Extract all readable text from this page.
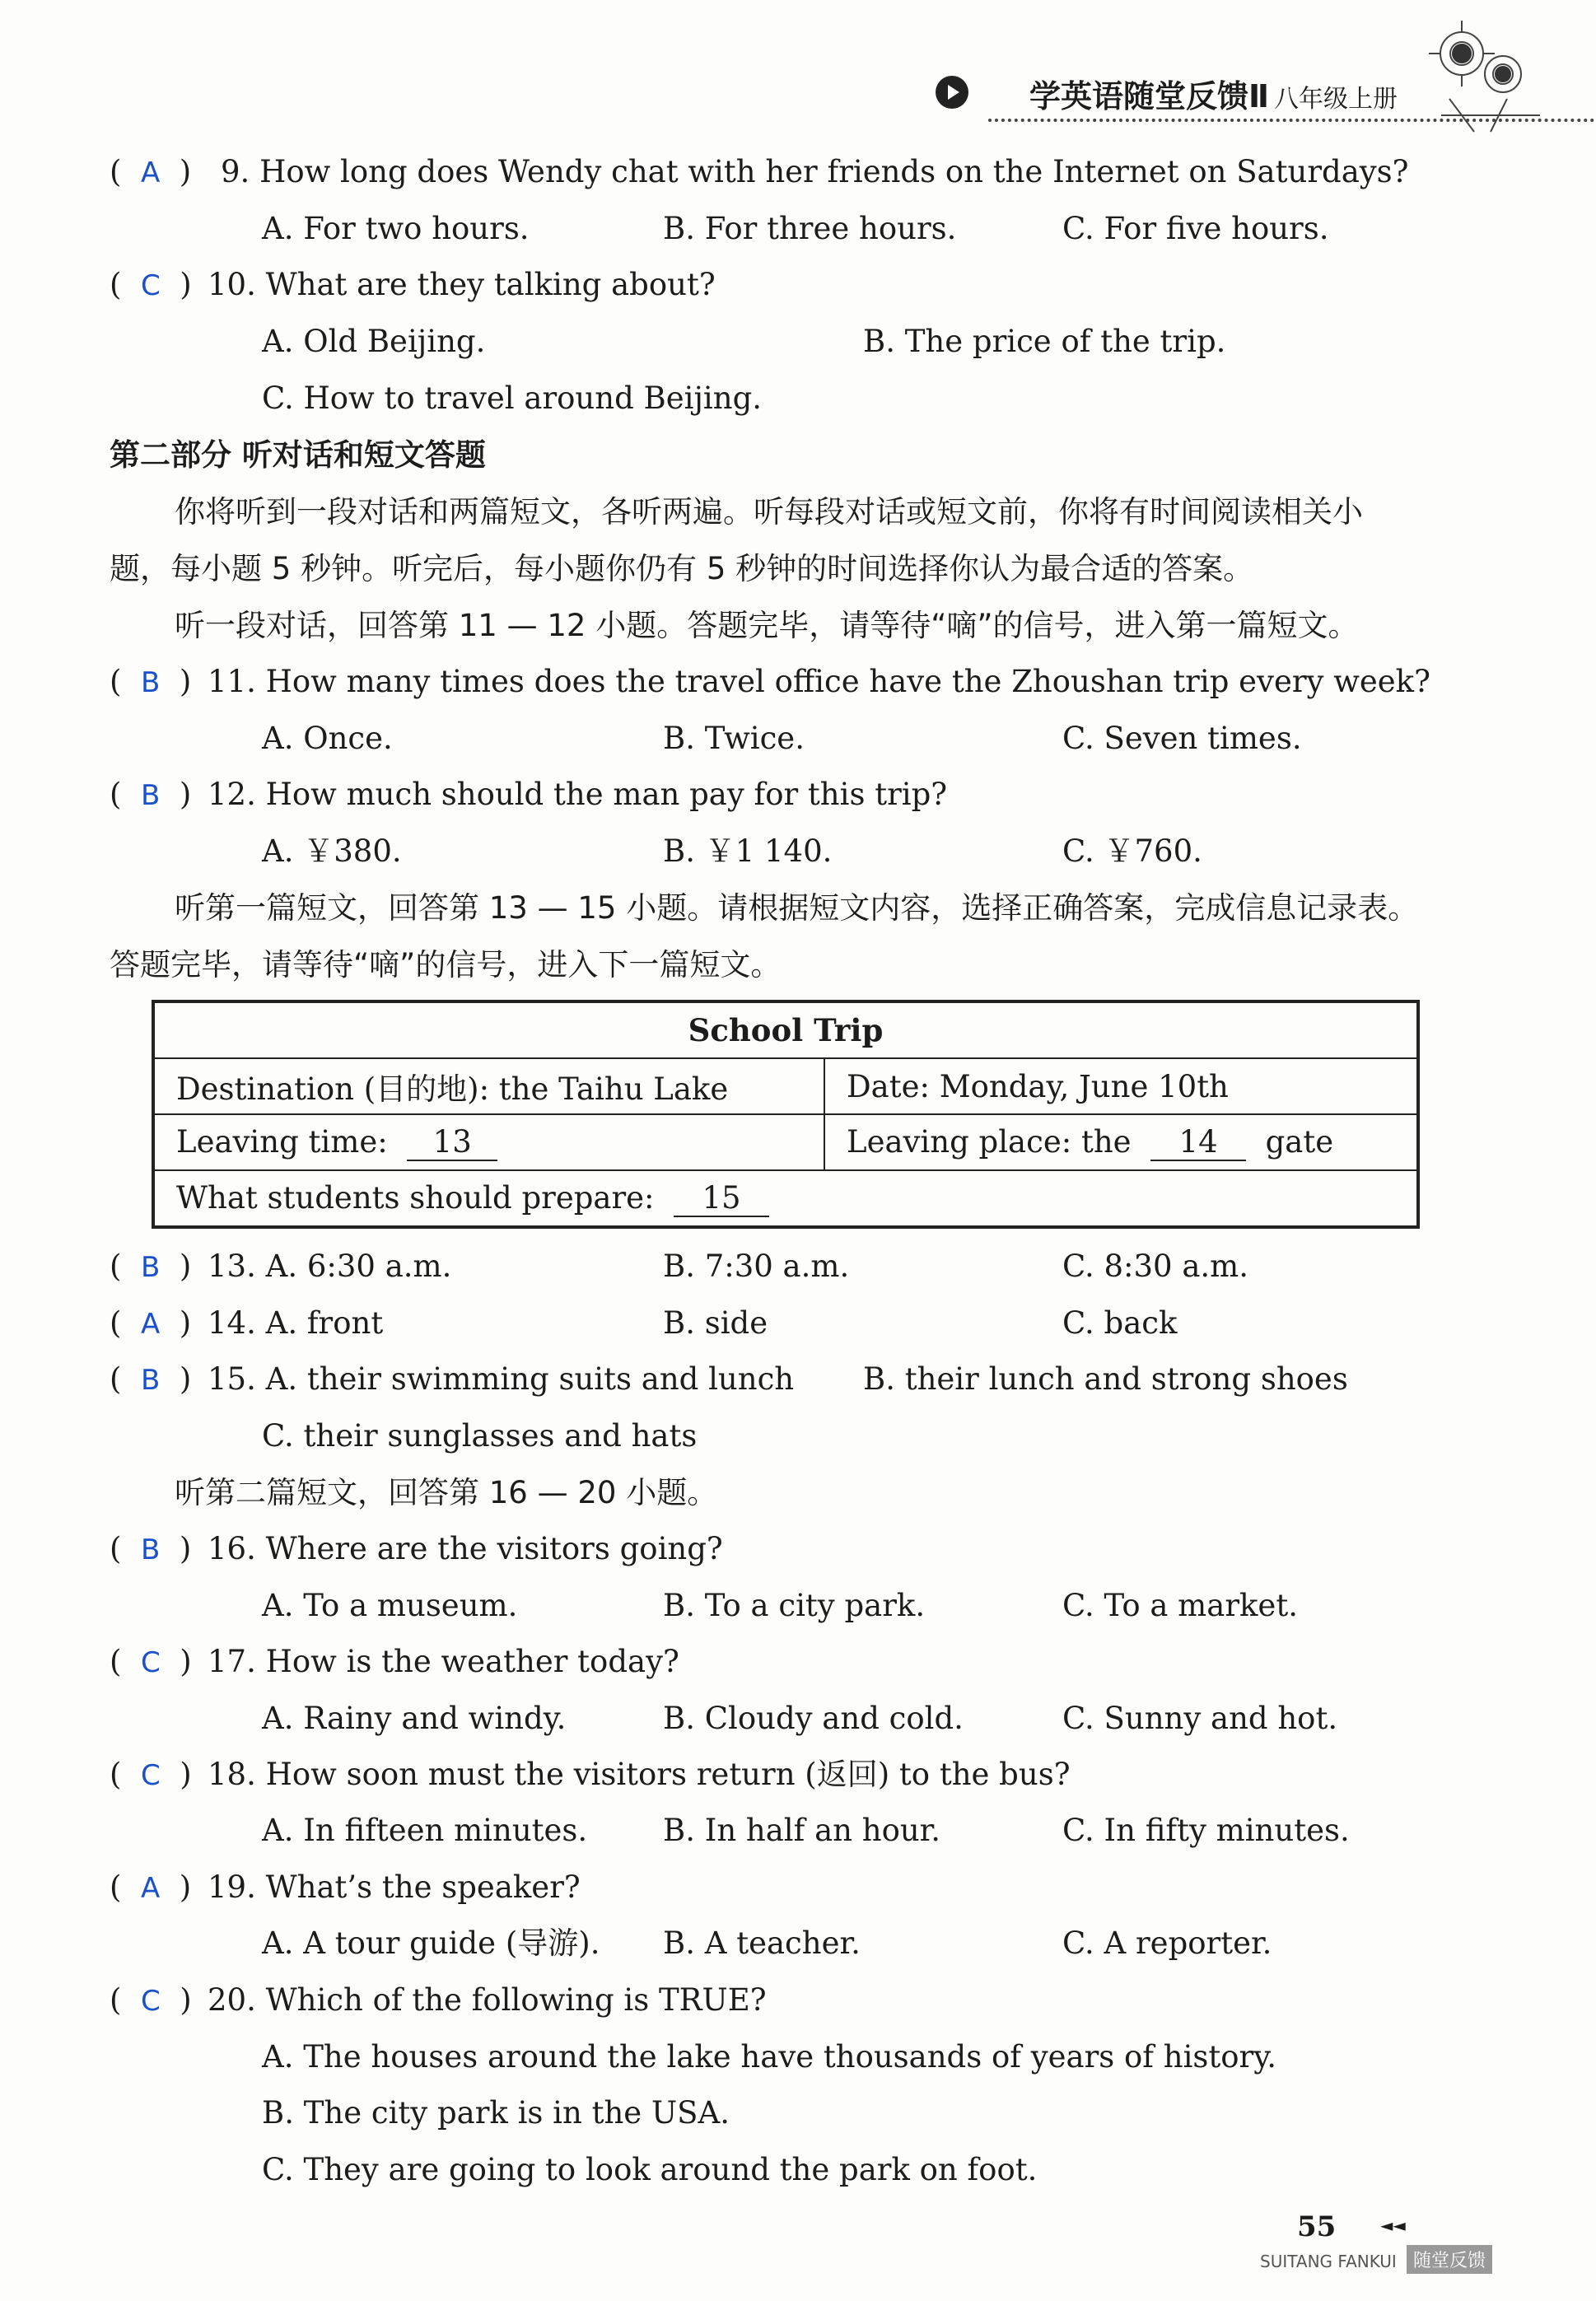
学英语随堂反馈Ⅱ 八年级上册
( A ) 9. How long does Wendy chat with her friends on the Internet on Saturdays?
A. For two hours.	B. For three hours.	C. For five hours.
( C ) 10. What are they talking about?
A. Old Beijing.	B. The price of the trip.
C. How to travel around Beijing.
第二部分 听对话和短文答题
你将听到一段对话和两篇短文，各听两遍。听每段对话或短文前，你将有时间阅读相关小
题，每小题 5 秒钟。听完后，每小题你仍有 5 秒钟的时间选择你认为最合适的答案。
听一段对话，回答第 11 — 12 小题。答题完毕，请等待“嘀”的信号，进入第一篇短文。
( B ) 11. How many times does the travel office have the Zhoushan trip every week?
A. Once.	B. Twice.	C. Seven times.
( B ) 12. How much should the man pay for this trip?
A. ￥380.	B. ￥1 140.	C. ￥760.
听第一篇短文，回答第 13 — 15 小题。请根据短文内容，选择正确答案，完成信息记录表。
答题完毕，请等待“嘀”的信号，进入下一篇短文。
School Trip	
Destination (目的地): the Taihu Lake	Date: Monday, June 10th
Leaving time: 13	Leaving place: the 14 gate
What students should prepare: 15	
( B ) 13. A. 6:30 a.m.	B. 7:30 a.m.	C. 8:30 a.m.
( A ) 14. A. front	B. side	C. back
( B ) 15. A. their swimming suits and lunch B. their lunch and strong shoes
C. their sunglasses and hats
听第二篇短文，回答第 16 — 20 小题。
( B ) 16. Where are the visitors going?
A. To a museum.	B. To a city park.	C. To a market.
( C ) 17. How is the weather today?
A. Rainy and windy.	B. Cloudy and cold.	C. Sunny and hot.
( C ) 18. How soon must the visitors return (返回) to the bus?
A. In fifteen minutes. B. In half an hour.	C. In fifty minutes.
( A ) 19. What’s the speaker?
A. A tour guide (导游). B. A teacher.	C. A reporter.
( C ) 20. Which of the following is TRUE?
A. The houses around the lake have thousands of years of history.
B. The city park is in the USA.
C. They are going to look around the park on foot.
55	◄◄
SUITANG FANKUI 随堂反馈
